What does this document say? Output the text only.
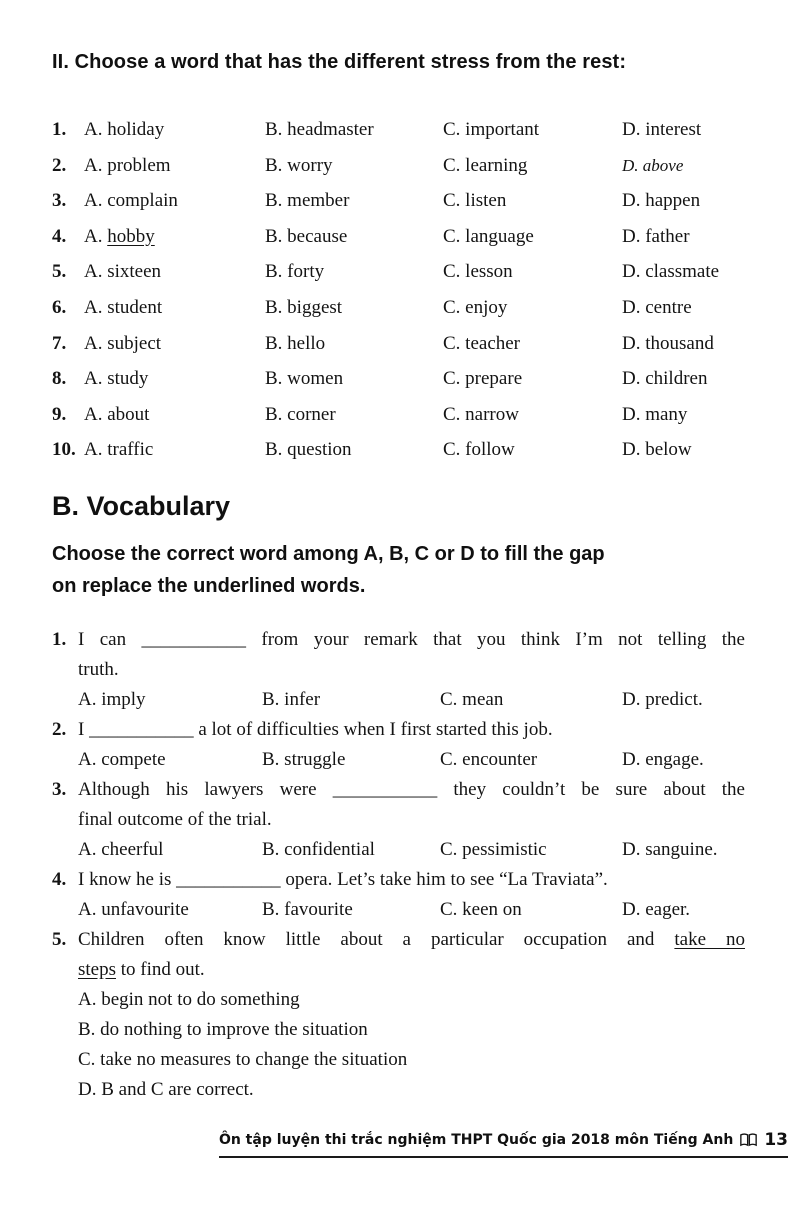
II. Choose a word that has the different stress from the rest:
1. A. holiday	B. headmaster	C. important	D. interest
2. A. problem	B. worry	C. learning	D. above
3. A. complain	B. member	C. listen	D. happen
4. A. hobby	B. because	C. language	D. father
5. A. sixteen	B. forty	C. lesson	D. classmate
6. A. student	B. biggest	C. enjoy	D. centre
7. A. subject	B. hello	C. teacher	D. thousand
8. A. study	B. women	C. prepare	D. children
9. A. about	B. corner	C. narrow	D. many
10. A. traffic	B. question	C. follow	D. below
B. Vocabulary
Choose the correct word among A, B, C or D to fill the gap
on replace the underlined words.
1. I can ___________ from your remark that you think I’m not telling the
truth.
A. imply	B. infer	C. mean	D. predict.
2. I ___________ a lot of difficulties when I first started this job.
A. compete	B. struggle	C. encounter	D. engage.
3. Although his lawyers were ___________ they couldn’t be sure about the
final outcome of the trial.
A. cheerful	B. confidential	C. pessimistic	D. sanguine.
4. I know he is ___________ opera. Let’s take him to see “La Traviata”.
A. unfavourite	B. favourite	C. keen on	D. eager.
5. Children often know little about a particular occupation and take no
steps to find out.
A. begin not to do something
B. do nothing to improve the situation
C. take no measures to change the situation
D. B and C are correct.
Ôn tập luyện thi trắc nghiệm THPT Quốc gia 2018 môn Tiếng Anh 13
